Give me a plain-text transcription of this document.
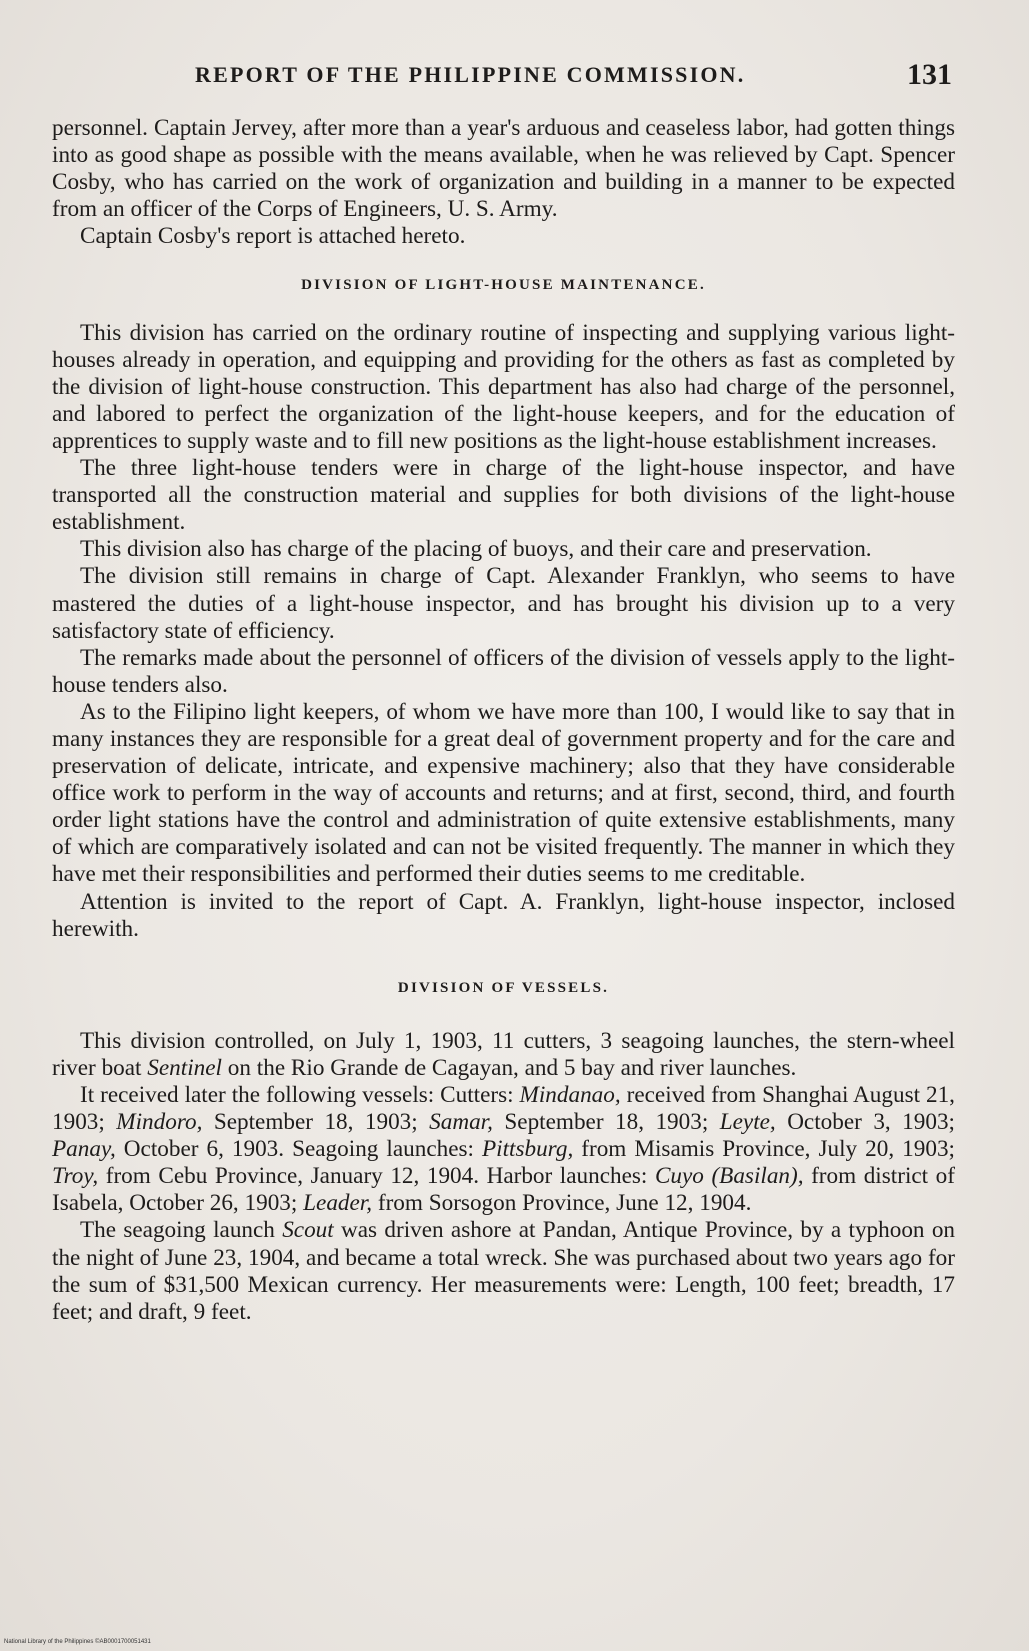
REPORT OF THE PHILIPPINE COMMISSION.	131

personnel. Captain Jervey, after more than a year's arduous and ceaseless labor, had gotten things into as good shape as possible with the means available, when he was relieved by Capt. Spencer Cosby, who has carried on the work of organization and building in a manner to be expected from an officer of the Corps of Engineers, U. S. Army.

Captain Cosby's report is attached hereto.

DIVISION OF LIGHT-HOUSE MAINTENANCE.

This division has carried on the ordinary routine of inspecting and supplying various light-houses already in operation, and equipping and providing for the others as fast as completed by the division of light-house construction. This department has also had charge of the personnel, and labored to perfect the organization of the light-house keepers, and for the education of apprentices to supply waste and to fill new positions as the light-house establishment increases.

The three light-house tenders were in charge of the light-house inspector, and have transported all the construction material and supplies for both divisions of the light-house establishment.

This division also has charge of the placing of buoys, and their care and preservation.

The division still remains in charge of Capt. Alexander Franklyn, who seems to have mastered the duties of a light-house inspector, and has brought his division up to a very satisfactory state of efficiency.

The remarks made about the personnel of officers of the division of vessels apply to the light-house tenders also.

As to the Filipino light keepers, of whom we have more than 100, I would like to say that in many instances they are responsible for a great deal of government property and for the care and preservation of delicate, intricate, and expensive machinery; also that they have considerable office work to perform in the way of accounts and returns; and at first, second, third, and fourth order light stations have the control and administration of quite extensive establishments, many of which are comparatively isolated and can not be visited frequently. The manner in which they have met their responsibilities and performed their duties seems to me creditable.

Attention is invited to the report of Capt. A. Franklyn, light-house inspector, inclosed herewith.

DIVISION OF VESSELS.

This division controlled, on July 1, 1903, 11 cutters, 3 seagoing launches, the stern-wheel river boat Sentinel on the Rio Grande de Cagayan, and 5 bay and river launches.

It received later the following vessels: Cutters: Mindanao, received from Shanghai August 21, 1903; Mindoro, September 18, 1903; Samar, September 18, 1903; Leyte, October 3, 1903; Panay, October 6, 1903. Seagoing launches: Pittsburg, from Misamis Province, July 20, 1903; Troy, from Cebu Province, January 12, 1904. Harbor launches: Cuyo (Basilan), from district of Isabela, October 26, 1903; Leader, from Sorsogon Province, June 12, 1904.

The seagoing launch Scout was driven ashore at Pandan, Antique Province, by a typhoon on the night of June 23, 1904, and became a total wreck. She was purchased about two years ago for the sum of $31,500 Mexican currency. Her measurements were: Length, 100 feet; breadth, 17 feet; and draft, 9 feet.

National Library of the Philippines ©AB0001700051431
